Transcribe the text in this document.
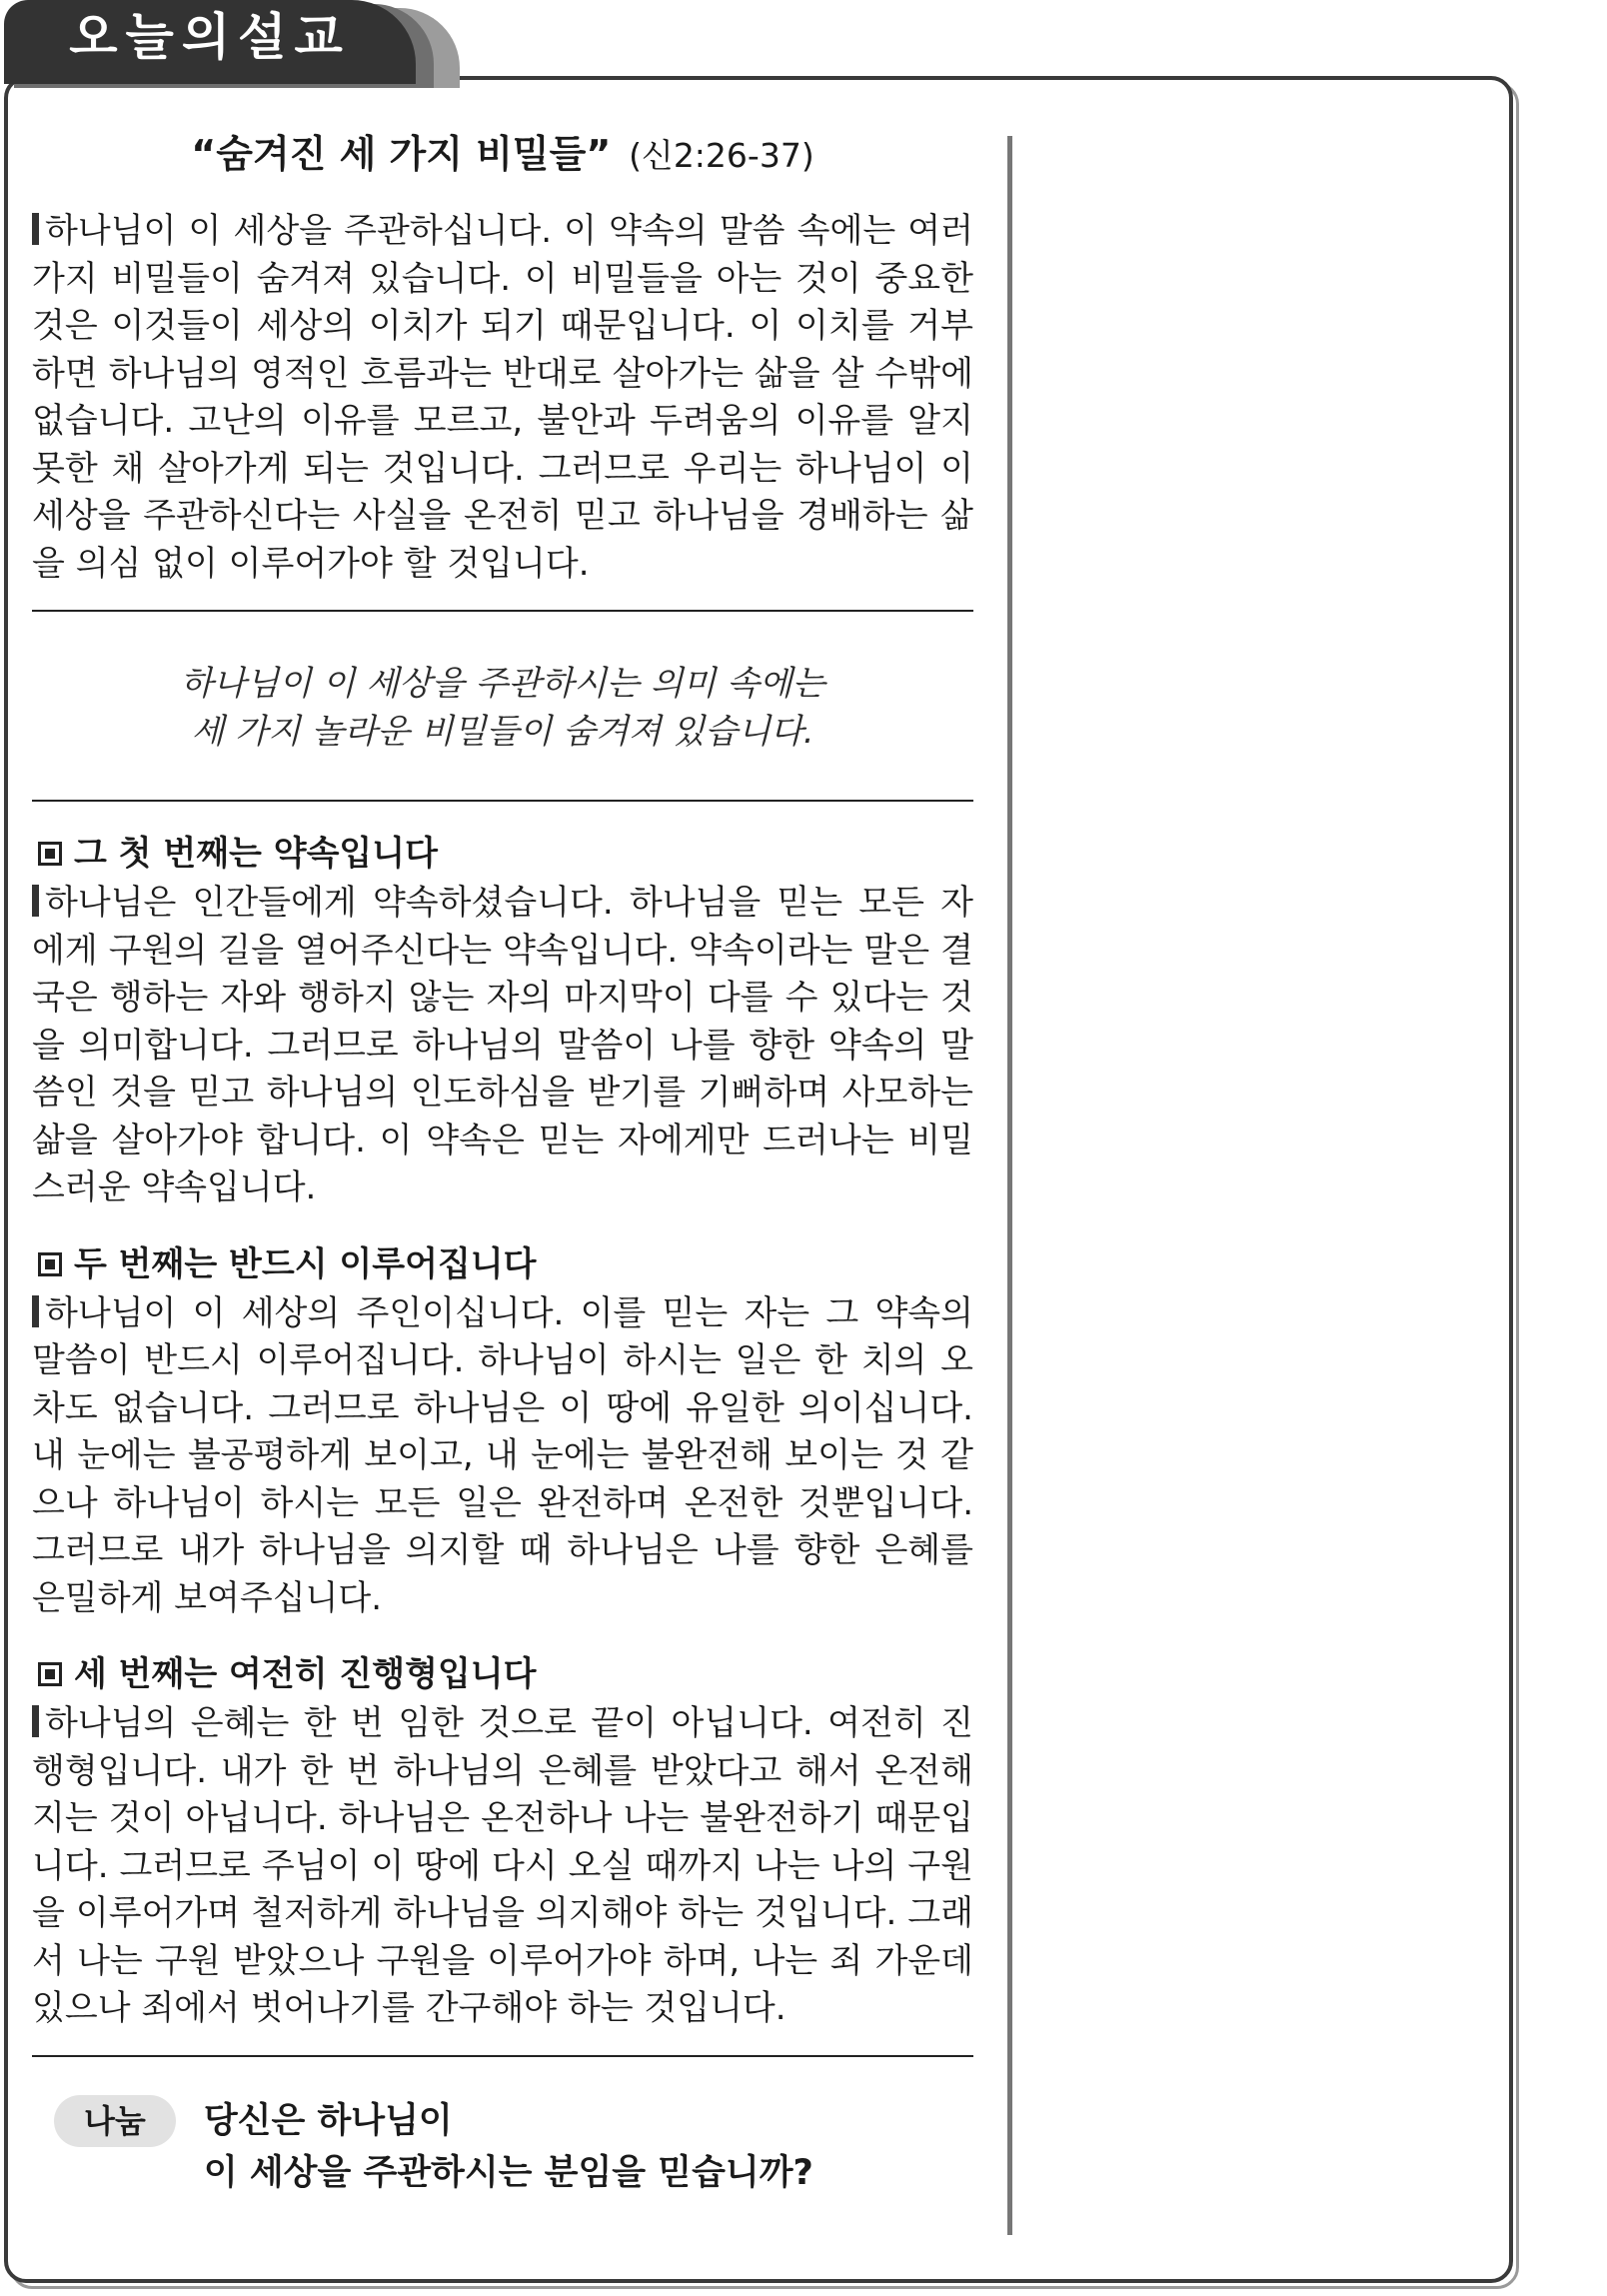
오늘의설교
“숨겨진 세 가지 비밀들” (신2:26-37)

하나님이 이 세상을 주관하십니다. 이 약속의 말씀 속에는 여러 가지 비밀들이 숨겨져 있습니다. 이 비밀들을 아는 것이 중요한 것은 이것들이 세상의 이치가 되기 때문입니다. 이 이치를 거부하면 하나님의 영적인 흐름과는 반대로 살아가는 삶을 살 수밖에 없습니다. 고난의 이유를 모르고, 불안과 두려움의 이유를 알지 못한 채 살아가게 되는 것입니다. 그러므로 우리는 하나님이 이 세상을 주관하신다는 사실을 온전히 믿고 하나님을 경배하는 삶을 의심 없이 이루어가야 할 것입니다.

하나님이 이 세상을 주관하시는 의미 속에는
세 가지 놀라운 비밀들이 숨겨져 있습니다.
그 첫 번째는 약속입니다

하나님은 인간들에게 약속하셨습니다. 하나님을 믿는 모든 자에게 구원의 길을 열어주신다는 약속입니다. 약속이라는 말은 결국은 행하는 자와 행하지 않는 자의 마지막이 다를 수 있다는 것을 의미합니다. 그러므로 하나님의 말씀이 나를 향한 약속의 말씀인 것을 믿고 하나님의 인도하심을 받기를 기뻐하며 사모하는 삶을 살아가야 합니다. 이 약속은 믿는 자에게만 드러나는 비밀스러운 약속입니다.

두 번째는 반드시 이루어집니다

하나님이 이 세상의 주인이십니다. 이를 믿는 자는 그 약속의 말씀이 반드시 이루어집니다. 하나님이 하시는 일은 한 치의 오차도 없습니다. 그러므로 하나님은 이 땅에 유일한 의이십니다. 내 눈에는 불공평하게 보이고, 내 눈에는 불완전해 보이는 것 같으나 하나님이 하시는 모든 일은 완전하며 온전한 것뿐입니다. 그러므로 내가 하나님을 의지할 때 하나님은 나를 향한 은혜를 은밀하게 보여주십니다.

세 번째는 여전히 진행형입니다

하나님의 은혜는 한 번 임한 것으로 끝이 아닙니다. 여전히 진행형입니다. 내가 한 번 하나님의 은혜를 받았다고 해서 온전해지는 것이 아닙니다. 하나님은 온전하나 나는 불완전하기 때문입니다. 그러므로 주님이 이 땅에 다시 오실 때까지 나는 나의 구원을 이루어가며 철저하게 하나님을 의지해야 하는 것입니다. 그래서 나는 구원 받았으나 구원을 이루어가야 하며, 나는 죄 가운데 있으나 죄에서 벗어나기를 간구해야 하는 것입니다.

나눔	당신은 하나님이
이 세상을 주관하시는 분임을 믿습니까?
